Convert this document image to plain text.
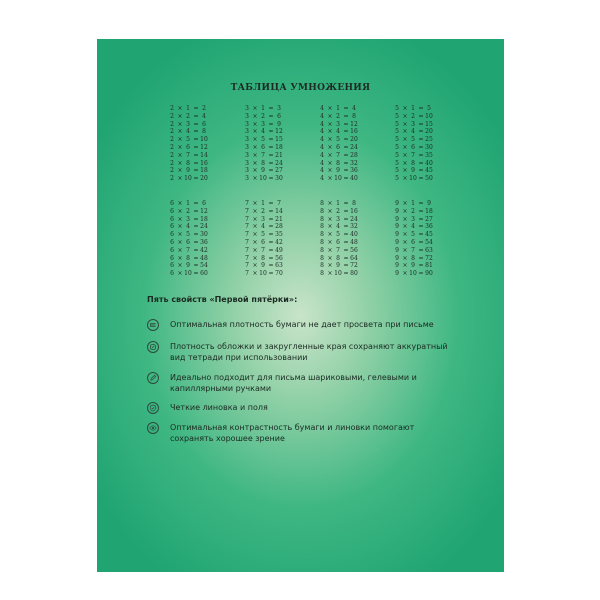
ТАБЛИЦА УМНОЖЕНИЯ
2 × 1 = 2
2 × 2 = 4
2 × 3 = 6
2 × 4 = 8
2 × 5 = 10
2 × 6 = 12
2 × 7 = 14
2 × 8 = 16
2 × 9 = 18
2 × 10 = 20
3 × 1 = 3
3 × 2 = 6
3 × 3 = 9
3 × 4 = 12
3 × 5 = 15
3 × 6 = 18
3 × 7 = 21
3 × 8 = 24
3 × 9 = 27
3 × 10 = 30
4 × 1 = 4
4 × 2 = 8
4 × 3 = 12
4 × 4 = 16
4 × 5 = 20
4 × 6 = 24
4 × 7 = 28
4 × 8 = 32
4 × 9 = 36
4 × 10 = 40
5 × 1 = 5
5 × 2 = 10
5 × 3 = 15
5 × 4 = 20
5 × 5 = 25
5 × 6 = 30
5 × 7 = 35
5 × 8 = 40
5 × 9 = 45
5 × 10 = 50
6 × 1 = 6
6 × 2 = 12
6 × 3 = 18
6 × 4 = 24
6 × 5 = 30
6 × 6 = 36
6 × 7 = 42
6 × 8 = 48
6 × 9 = 54
6 × 10 = 60
7 × 1 = 7
7 × 2 = 14
7 × 3 = 21
7 × 4 = 28
7 × 5 = 35
7 × 6 = 42
7 × 7 = 49
7 × 8 = 56
7 × 9 = 63
7 × 10 = 70
8 × 1 = 8
8 × 2 = 16
8 × 3 = 24
8 × 4 = 32
8 × 5 = 40
8 × 6 = 48
8 × 7 = 56
8 × 8 = 64
8 × 9 = 72
8 × 10 = 80
9 × 1 = 9
9 × 2 = 18
9 × 3 = 27
9 × 4 = 36
9 × 5 = 45
9 × 6 = 54
9 × 7 = 63
9 × 8 = 72
9 × 9 = 81
9 × 10 = 90
Пять свойств «Первой пятёрки»:
Оптимальная плотность бумаги не дает просвета при письме
Плотность обложки и закругленные края сохраняют аккуратный вид тетради при использовании
Идеально подходит для письма шариковыми, гелевыми и капиллярными ручками
Четкие линовка и поля
Оптимальная контрастность бумаги и линовки помогают сохранять хорошее зрение
